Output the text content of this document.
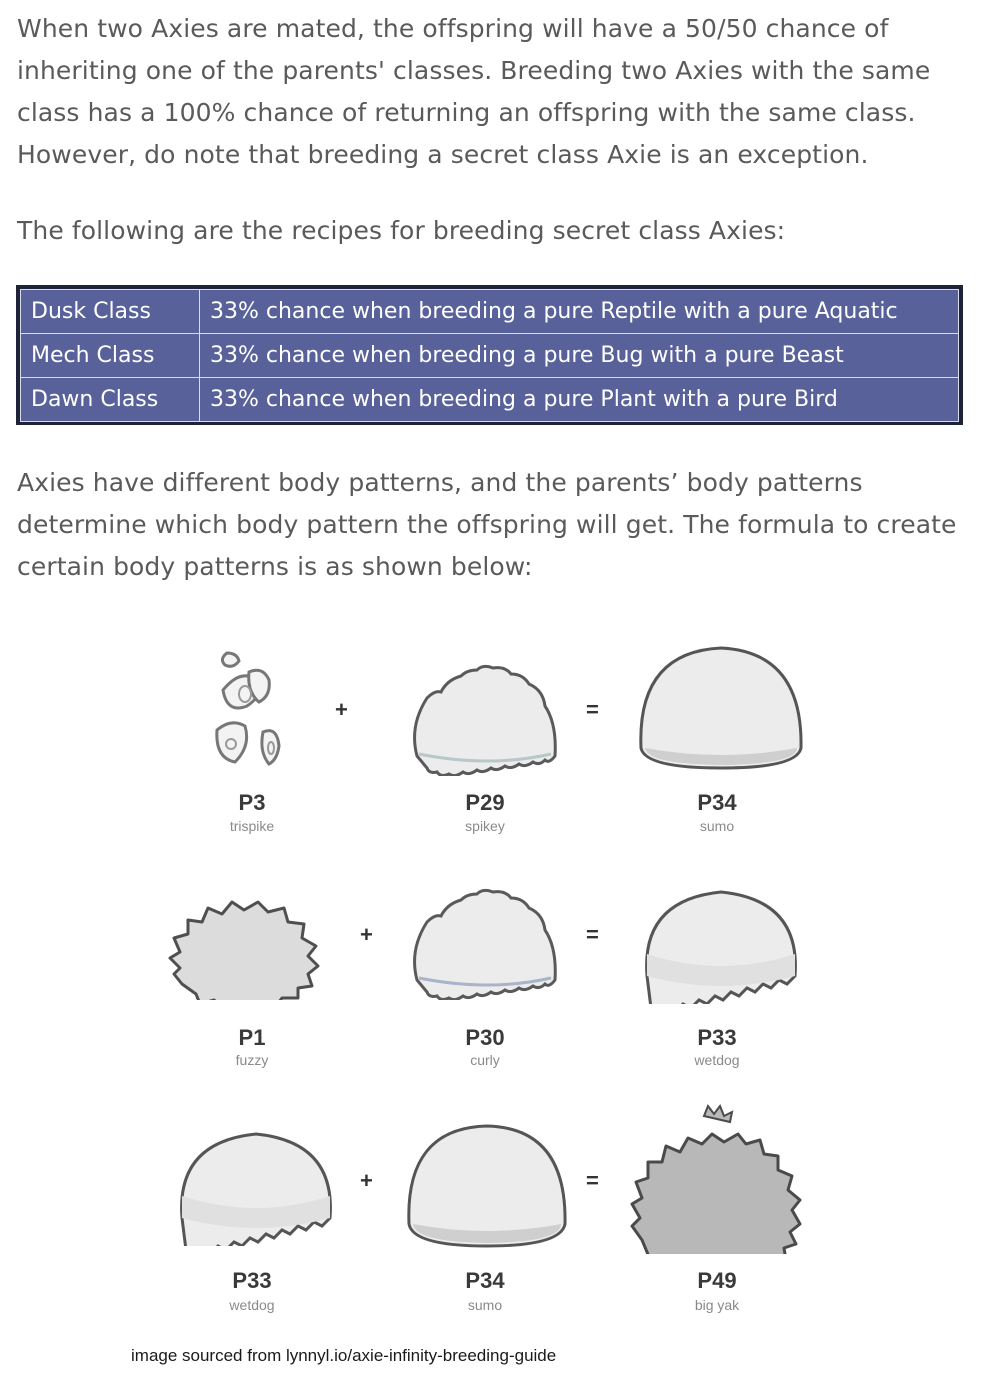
When two Axies are mated, the offspring will have a 50/50 chance of inheriting one of the parents' classes. Breeding two Axies with the same class has a 100% chance of returning an offspring with the same class. However, do note that breeding a secret class Axie is an exception.

The following are the recipes for breeding secret class Axies:

Dusk Class	33% chance when breeding a pure Reptile with a pure Aquatic
Mech Class	33% chance when breeding a pure Bug with a pure Beast
Dawn Class	33% chance when breeding a pure Plant with a pure Bird

Axies have different body patterns, and the parents’ body patterns determine which body pattern the offspring will get. The formula to create certain body patterns is as shown below:

+	=
P3
trispike
P29
spikey
P34
sumo
+	=
P1
fuzzy
P30
curly
P33
wetdog
+	=
P33
wetdog
P34
sumo
P49
big yak
image sourced from lynnyl.io/axie-infinity-breeding-guide
